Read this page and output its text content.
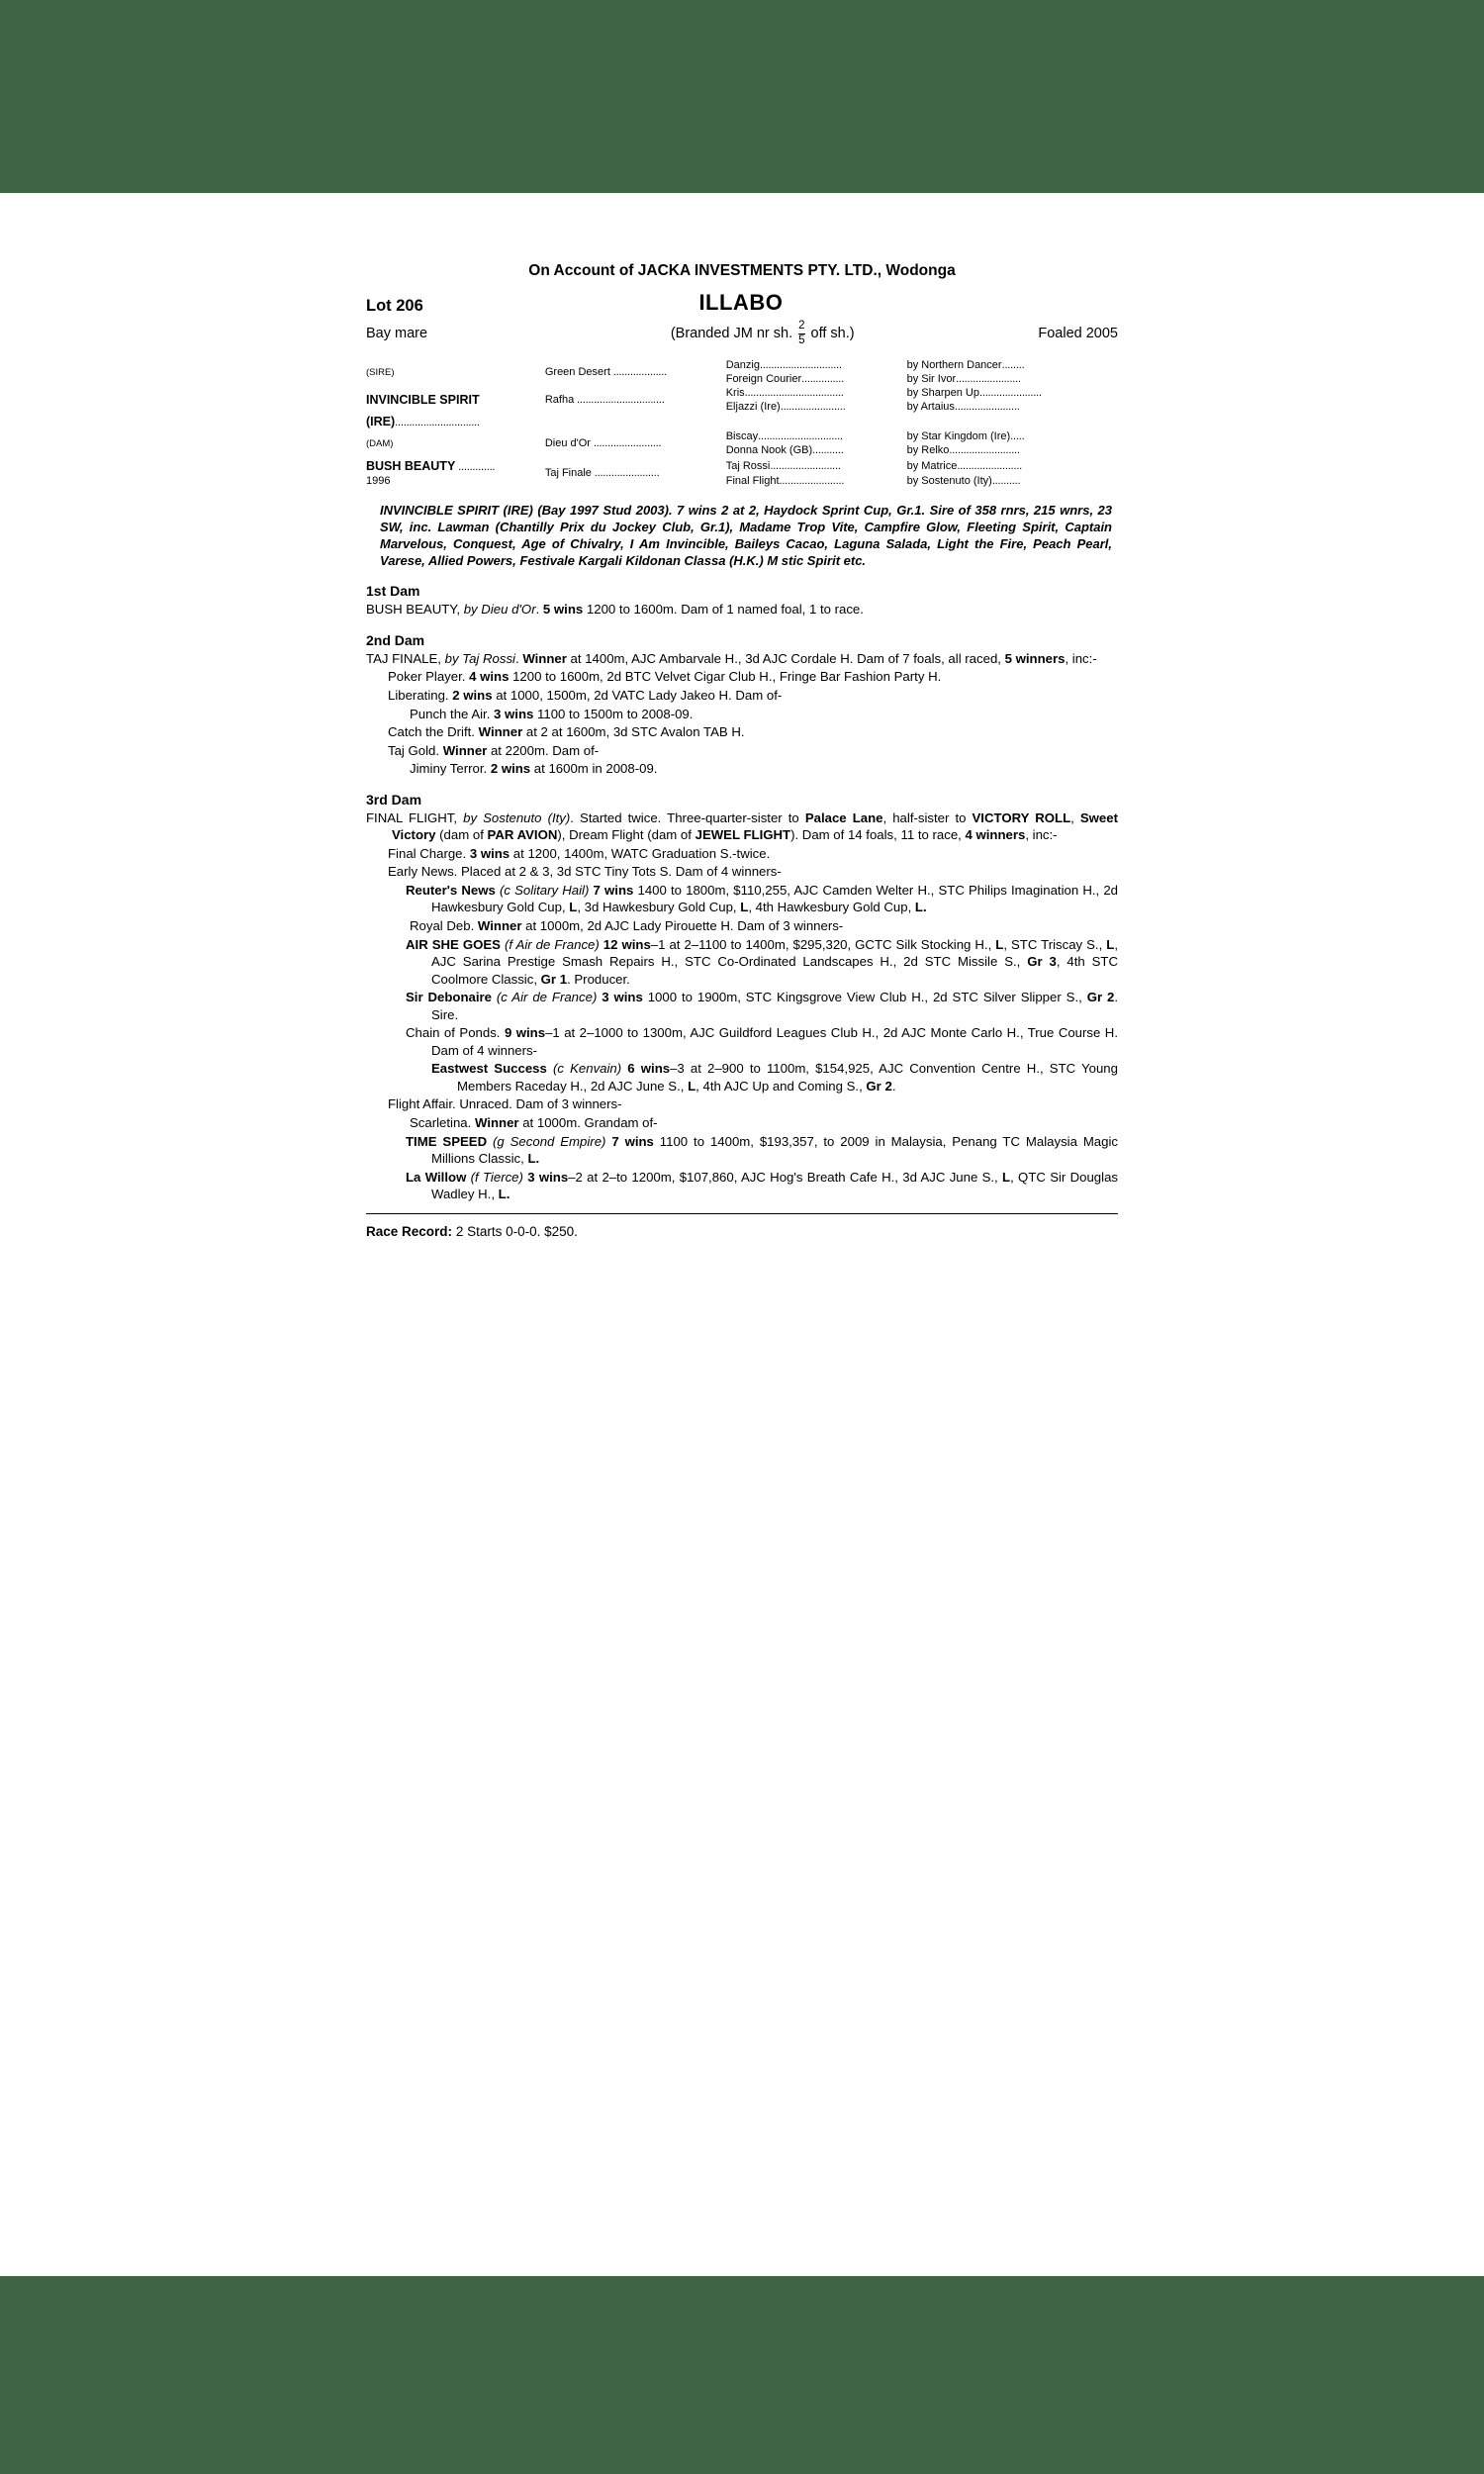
On Account of JACKA INVESTMENTS PTY. LTD., Wodonga
Lot 206	ILLABO
Bay mare	(Branded JM nr sh. $\frac{2}{5}$ off sh.)	Foaled 2005
(SIRE)	Green Desert ...................	Danzig.............................	by Northern Dancer........
		Foreign Courier...............	by Sir Ivor.......................
INVINCIBLE SPIRIT	Rafha ...............................	Kris...................................	by Sharpen Up......................
		Eljazzi (Ire).......................	by Artaius.......................
(IRE)..............................			
(DAM)	Dieu d'Or ........................	Biscay..............................	by Star Kingdom (Ire).....
		Donna Nook (GB)...........	by Relko.........................
BUSH BEAUTY .............	Taj Finale .......................	Taj Rossi.........................	by Matrice.......................
1996		Final Flight.......................	by Sostenuto (Ity)..........
INVINCIBLE SPIRIT (IRE) (Bay 1997 Stud 2003). 7 wins 2 at 2, Haydock Sprint Cup, Gr.1. Sire of 358 rnrs, 215 wnrs, 23 SW, inc. Lawman (Chantilly Prix du Jockey Club, Gr.1), Madame Trop Vite, Campfire Glow, Fleeting Spirit, Captain Marvelous, Conquest, Age of Chivalry, I Am Invincible, Baileys Cacao, Laguna Salada, Light the Fire, Peach Pearl, Varese, Allied Powers, Festivale Kargali Kildonan Classa (H.K.) M stic Spirit etc.
1st Dam
BUSH BEAUTY, by Dieu d'Or. 5 wins 1200 to 1600m. Dam of 1 named foal, 1 to race.
2nd Dam
TAJ FINALE, by Taj Rossi. Winner at 1400m, AJC Ambarvale H., 3d AJC Cordale H. Dam of 7 foals, all raced, 5 winners, inc:-
Poker Player. 4 wins 1200 to 1600m, 2d BTC Velvet Cigar Club H., Fringe Bar Fashion Party H.
Liberating. 2 wins at 1000, 1500m, 2d VATC Lady Jakeo H. Dam of-
Punch the Air. 3 wins 1100 to 1500m to 2008-09.
Catch the Drift. Winner at 2 at 1600m, 3d STC Avalon TAB H.
Taj Gold. Winner at 2200m. Dam of-
Jiminy Terror. 2 wins at 1600m in 2008-09.
3rd Dam
FINAL FLIGHT, by Sostenuto (Ity). Started twice. Three-quarter-sister to Palace Lane, half-sister to VICTORY ROLL, Sweet Victory (dam of PAR AVION), Dream Flight (dam of JEWEL FLIGHT). Dam of 14 foals, 11 to race, 4 winners, inc:-
Final Charge. 3 wins at 1200, 1400m, WATC Graduation S.-twice.
Early News. Placed at 2 & 3, 3d STC Tiny Tots S. Dam of 4 winners-
Reuter's News (c Solitary Hail) 7 wins 1400 to 1800m, $110,255, AJC Camden Welter H., STC Philips Imagination H., 2d Hawkesbury Gold Cup, L, 3d Hawkesbury Gold Cup, L, 4th Hawkesbury Gold Cup, L.
Royal Deb. Winner at 1000m, 2d AJC Lady Pirouette H. Dam of 3 winners-
AIR SHE GOES (f Air de France) 12 wins–1 at 2–1100 to 1400m, $295,320, GCTC Silk Stocking H., L, STC Triscay S., L, AJC Sarina Prestige Smash Repairs H., STC Co-Ordinated Landscapes H., 2d STC Missile S., Gr 3, 4th STC Coolmore Classic, Gr 1. Producer.
Sir Debonaire (c Air de France) 3 wins 1000 to 1900m, STC Kingsgrove View Club H., 2d STC Silver Slipper S., Gr 2. Sire.
Chain of Ponds. 9 wins–1 at 2–1000 to 1300m, AJC Guildford Leagues Club H., 2d AJC Monte Carlo H., True Course H. Dam of 4 winners-
Eastwest Success (c Kenvain) 6 wins–3 at 2–900 to 1100m, $154,925, AJC Convention Centre H., STC Young Members Raceday H., 2d AJC June S., L, 4th AJC Up and Coming S., Gr 2.
Flight Affair. Unraced. Dam of 3 winners-
Scarletina. Winner at 1000m. Grandam of-
TIME SPEED (g Second Empire) 7 wins 1100 to 1400m, $193,357, to 2009 in Malaysia, Penang TC Malaysia Magic Millions Classic, L.
La Willow (f Tierce) 3 wins–2 at 2–to 1200m, $107,860, AJC Hog's Breath Cafe H., 3d AJC June S., L, QTC Sir Douglas Wadley H., L.
Race Record: 2 Starts 0-0-0. $250.
